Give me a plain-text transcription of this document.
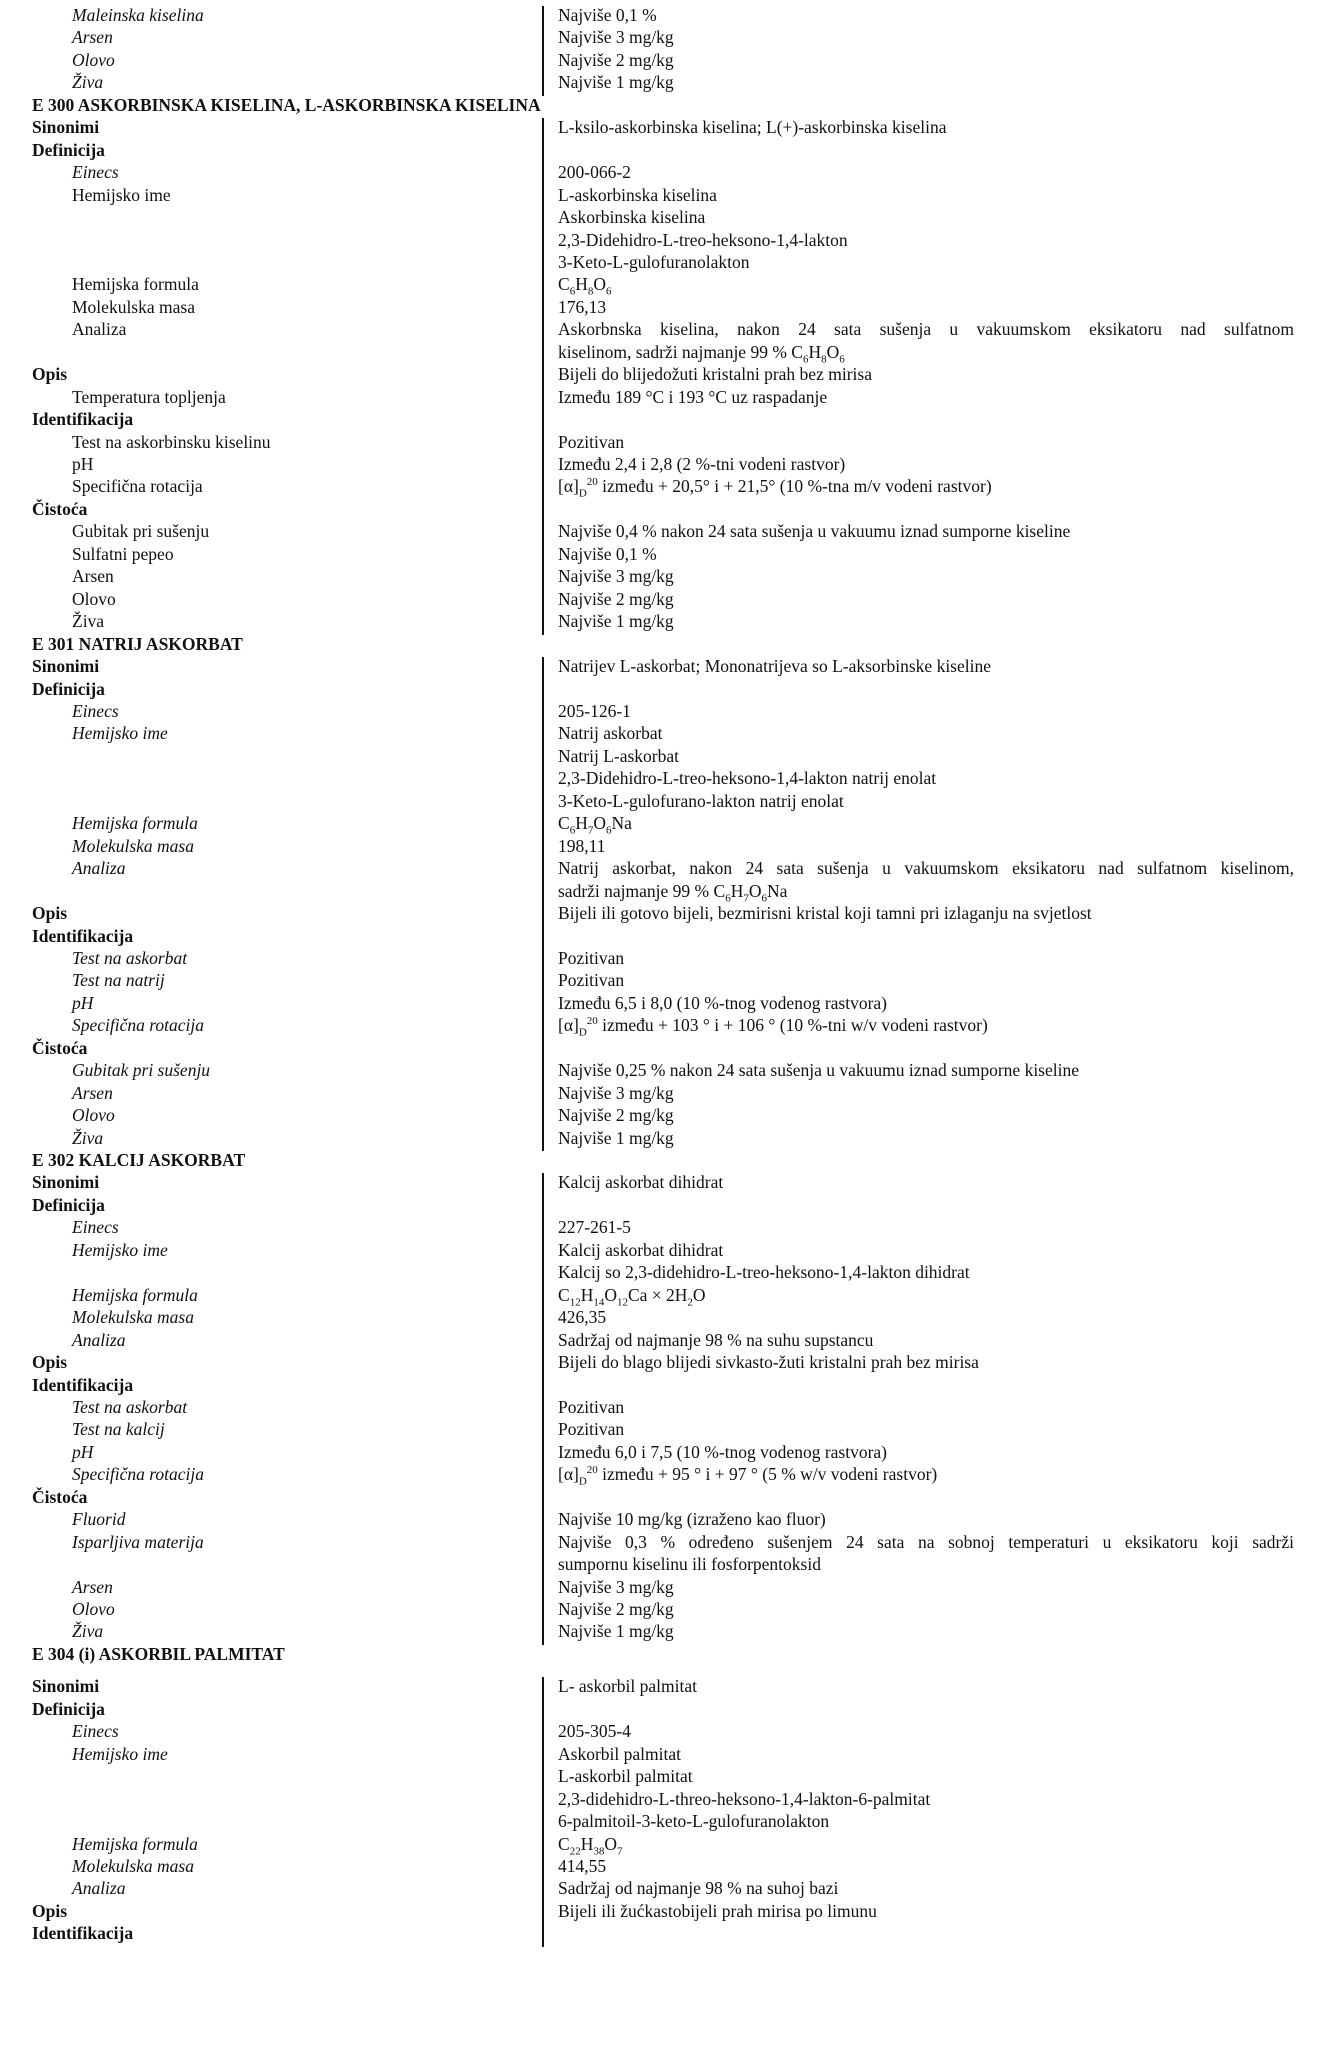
Maleinska kiselina	Najviše 0,1 %
Arsen	Najviše 3 mg/kg
Olovo	Najviše 2 mg/kg
Živa	Najviše 1 mg/kg
E 300 ASKORBINSKA KISELINA, L-ASKORBINSKA KISELINA
Sinonimi	L-ksilo-askorbinska kiselina; L(+)-askorbinska kiselina
Definicija
Einecs	200-066-2
Hemijsko ime	L-askorbinska kiselina
Askorbinska kiselina
2,3-Didehidro-L-treo-heksono-1,4-lakton
3-Keto-L-gulofuranolakton
Hemijska formula	$C_6H_8O_6$
Molekulska masa	176,13
Analiza	Askorbnska kiselina, nakon 24 sata sušenja u vakuumskom eksikatoru nad sulfatnom
kiselinom, sadrži najmanje 99 % $C_6H_8O_6$
Opis	Bijeli do blijedožuti kristalni prah bez mirisa
Temperatura topljenja	Između 189 °C i 193 °C uz raspadanje
Identifikacija
Test na askorbinsku kiselinu	Pozitivan
pH	Između 2,4 i 2,8 (2 %-tni vodeni rastvor)
Specifična rotacija	$[\alpha]_D^{20}$ između + 20,5° i + 21,5° (10 %-tna m/v vodeni rastvor)
Čistoća
Gubitak pri sušenju	Najviše 0,4 % nakon 24 sata sušenja u vakuumu iznad sumporne kiseline
Sulfatni pepeo	Najviše 0,1 %
Arsen	Najviše 3 mg/kg
Olovo	Najviše 2 mg/kg
Živa	Najviše 1 mg/kg
E 301 NATRIJ ASKORBAT
Sinonimi	Natrijev L-askorbat; Mononatrijeva so L-aksorbinske kiseline
Definicija
Einecs	205-126-1
Hemijsko ime	Natrij askorbat
Natrij L-askorbat
2,3-Didehidro-L-treo-heksono-1,4-lakton natrij enolat
3-Keto-L-gulofurano-lakton natrij enolat
Hemijska formula	$C_6H_7O_6Na$
Molekulska masa	198,11
Analiza	Natrij askorbat, nakon 24 sata sušenja u vakuumskom eksikatoru nad sulfatnom kiselinom,
sadrži najmanje 99 % $C_6H_7O_6Na$
Opis	Bijeli ili gotovo bijeli, bezmirisni kristal koji tamni pri izlaganju na svjetlost
Identifikacija
Test na askorbat	Pozitivan
Test na natrij	Pozitivan
pH	Između 6,5 i 8,0 (10 %-tnog vodenog rastvora)
Specifična rotacija	$[\alpha]_D^{20}$ između + 103 ° i + 106 ° (10 %-tni w/v vodeni rastvor)
Čistoća
Gubitak pri sušenju	Najviše 0,25 % nakon 24 sata sušenja u vakuumu iznad sumporne kiseline
Arsen	Najviše 3 mg/kg
Olovo	Najviše 2 mg/kg
Živa	Najviše 1 mg/kg
E 302 KALCIJ ASKORBAT
Sinonimi	Kalcij askorbat dihidrat
Definicija
Einecs	227-261-5
Hemijsko ime	Kalcij askorbat dihidrat
Kalcij so 2,3-didehidro-L-treo-heksono-1,4-lakton dihidrat
Hemijska formula	$C_{12}H_{14}O_{12}Ca \times 2H_2O$
Molekulska masa	426,35
Analiza	Sadržaj od najmanje 98 % na suhu supstancu
Opis	Bijeli do blago blijedi sivkasto-žuti kristalni prah bez mirisa
Identifikacija
Test na askorbat	Pozitivan
Test na kalcij	Pozitivan
pH	Između 6,0 i 7,5 (10 %-tnog vodenog rastvora)
Specifična rotacija	$[\alpha]_D^{20}$ između + 95 ° i + 97 ° (5 % w/v vodeni rastvor)
Čistoća
Fluorid	Najviše 10 mg/kg (izraženo kao fluor)
Isparljiva materija	Najviše 0,3 % određeno sušenjem 24 sata na sobnoj temperaturi u eksikatoru koji sadrži
sumpornu kiselinu ili fosforpentoksid
Arsen	Najviše 3 mg/kg
Olovo	Najviše 2 mg/kg
Živa	Najviše 1 mg/kg
E 304 (i) ASKORBIL PALMITAT
Sinonimi	L- askorbil palmitat
Definicija
Einecs	205-305-4
Hemijsko ime	Askorbil palmitat
L-askorbil palmitat
2,3-didehidro-L-threo-heksono-1,4-lakton-6-palmitat
6-palmitoil-3-keto-L-gulofuranolakton
Hemijska formula	$C_{22}H_{38}O_7$
Molekulska masa	414,55
Analiza	Sadržaj od najmanje 98 % na suhoj bazi
Opis	Bijeli ili žućkastobijeli prah mirisa po limunu
Identifikacija
